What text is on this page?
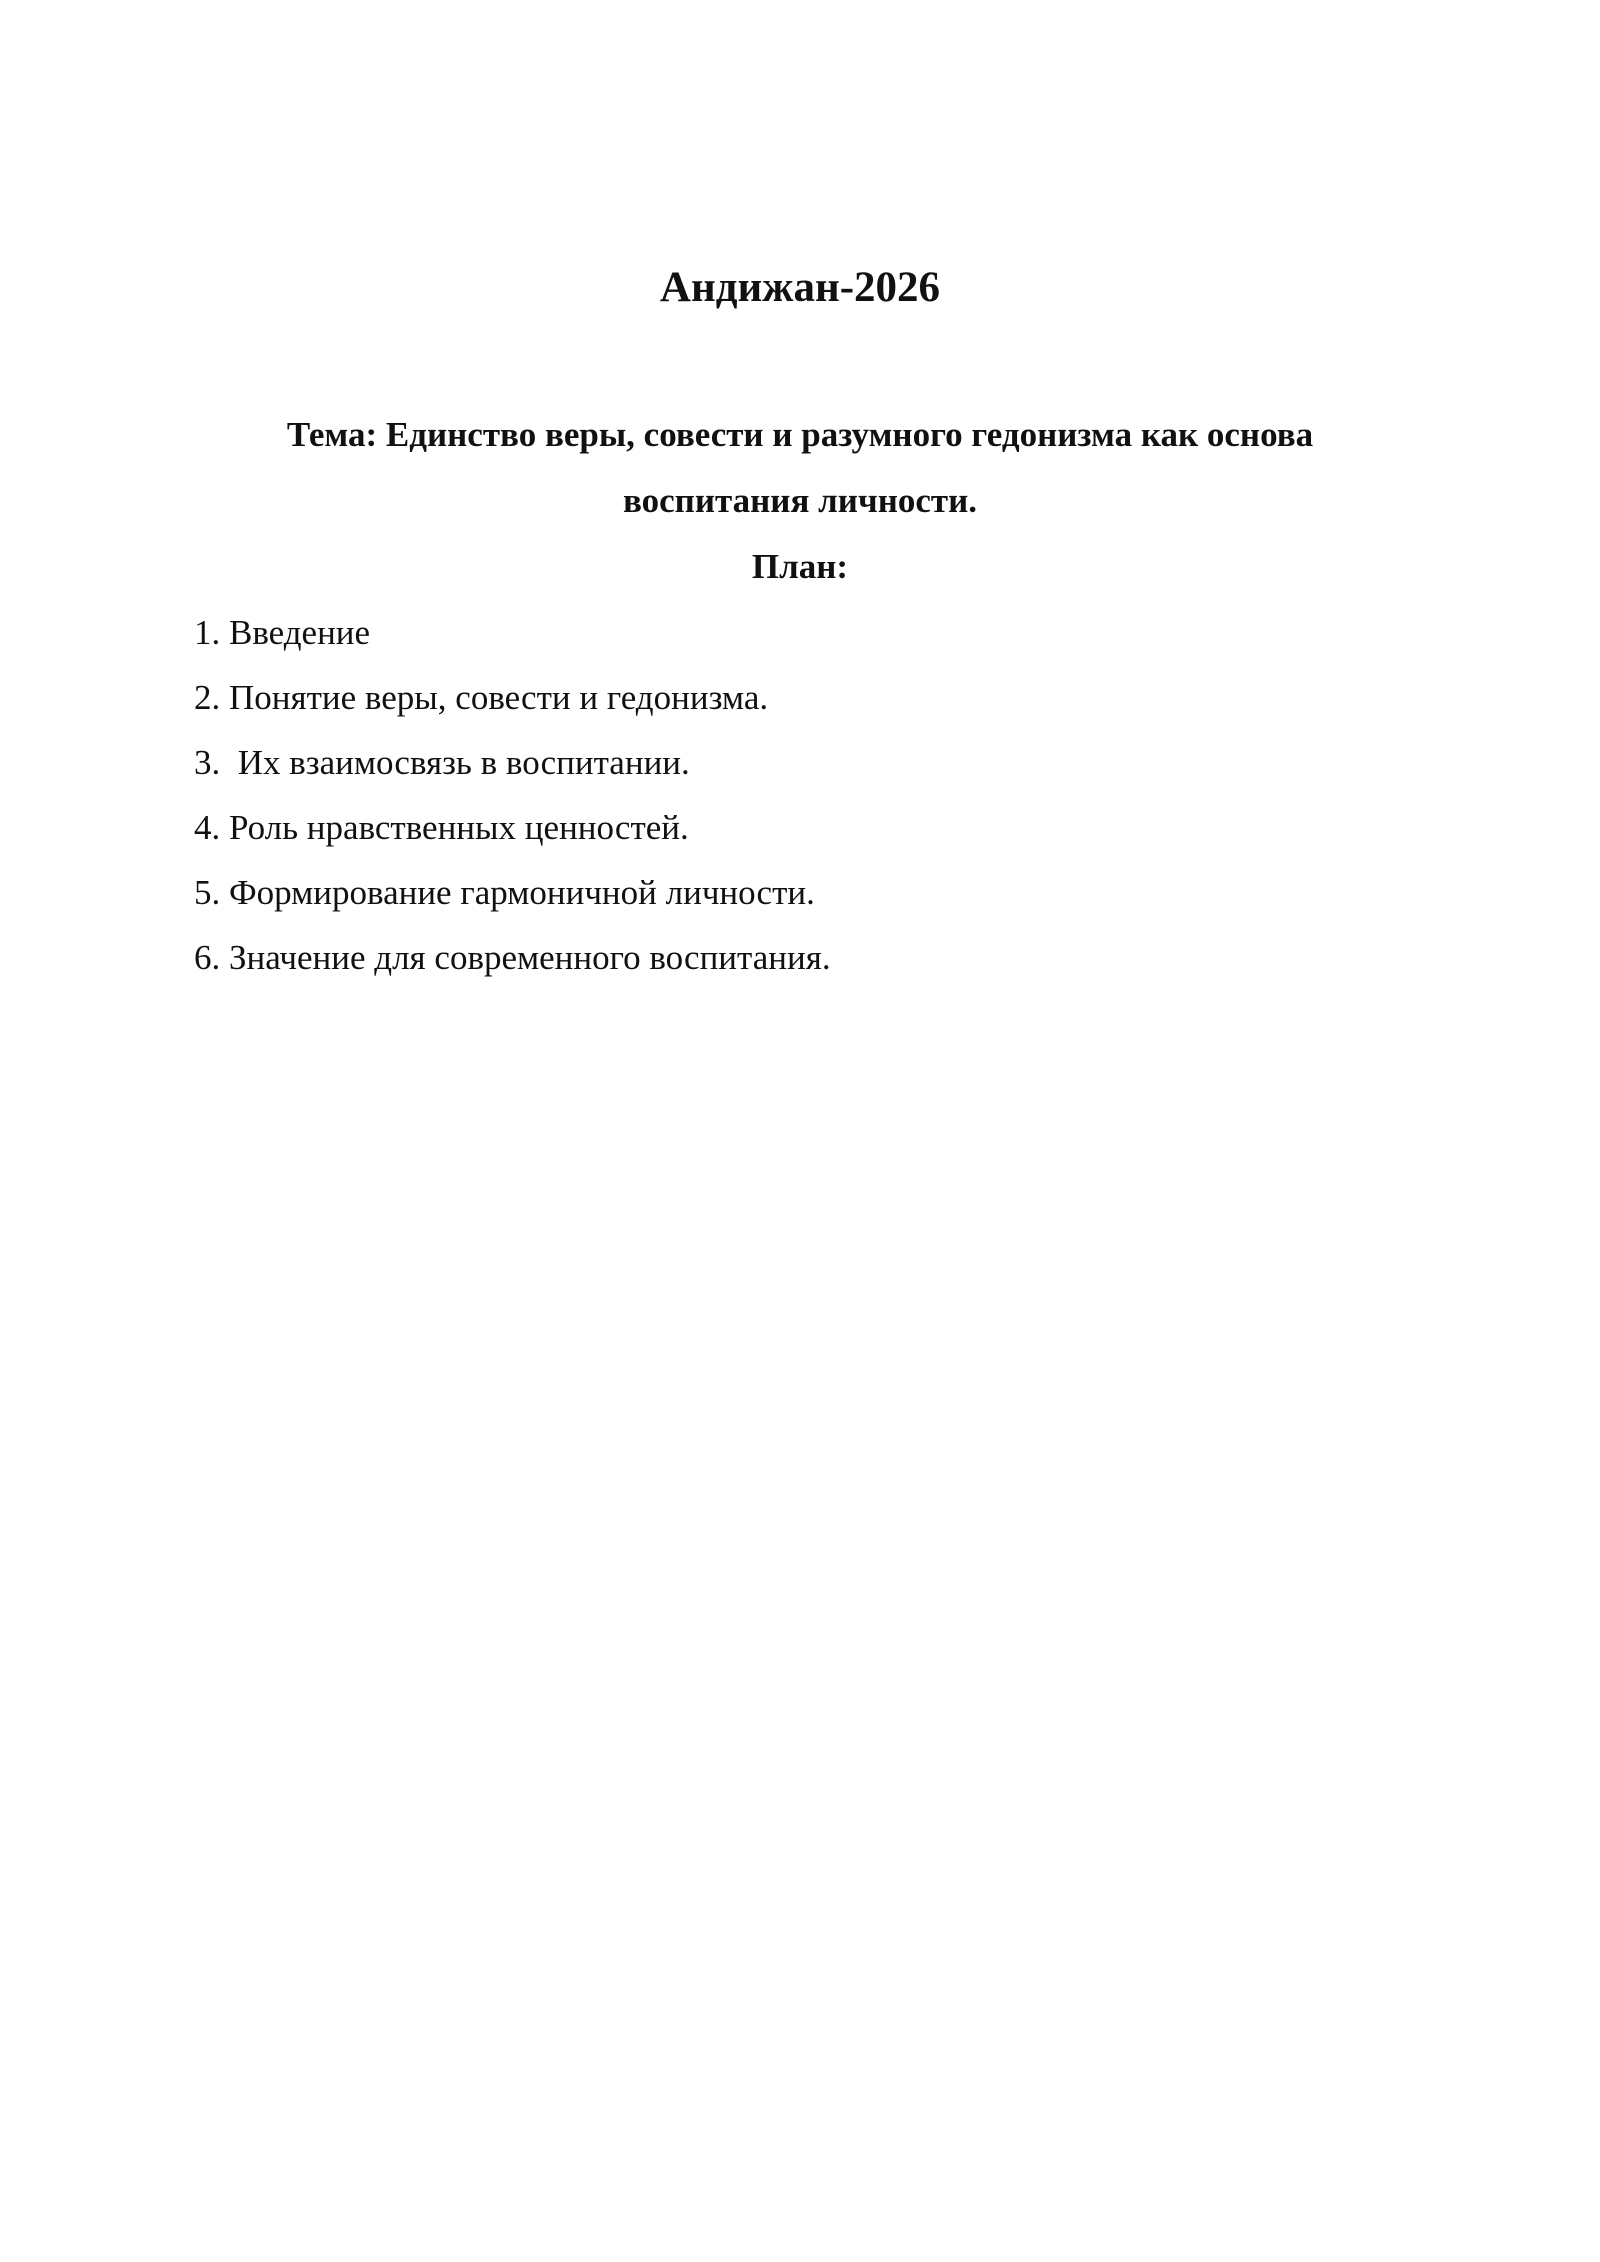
Андижан-2026

Тема: Единство веры, совести и разумного гедонизма как основа воспитания личности.

План:

1. Введение
2. Понятие веры, совести и гедонизма.
3.  Их взаимосвязь в воспитании.
4. Роль нравственных ценностей.
5. Формирование гармоничной личности.
6. Значение для современного воспитания.
